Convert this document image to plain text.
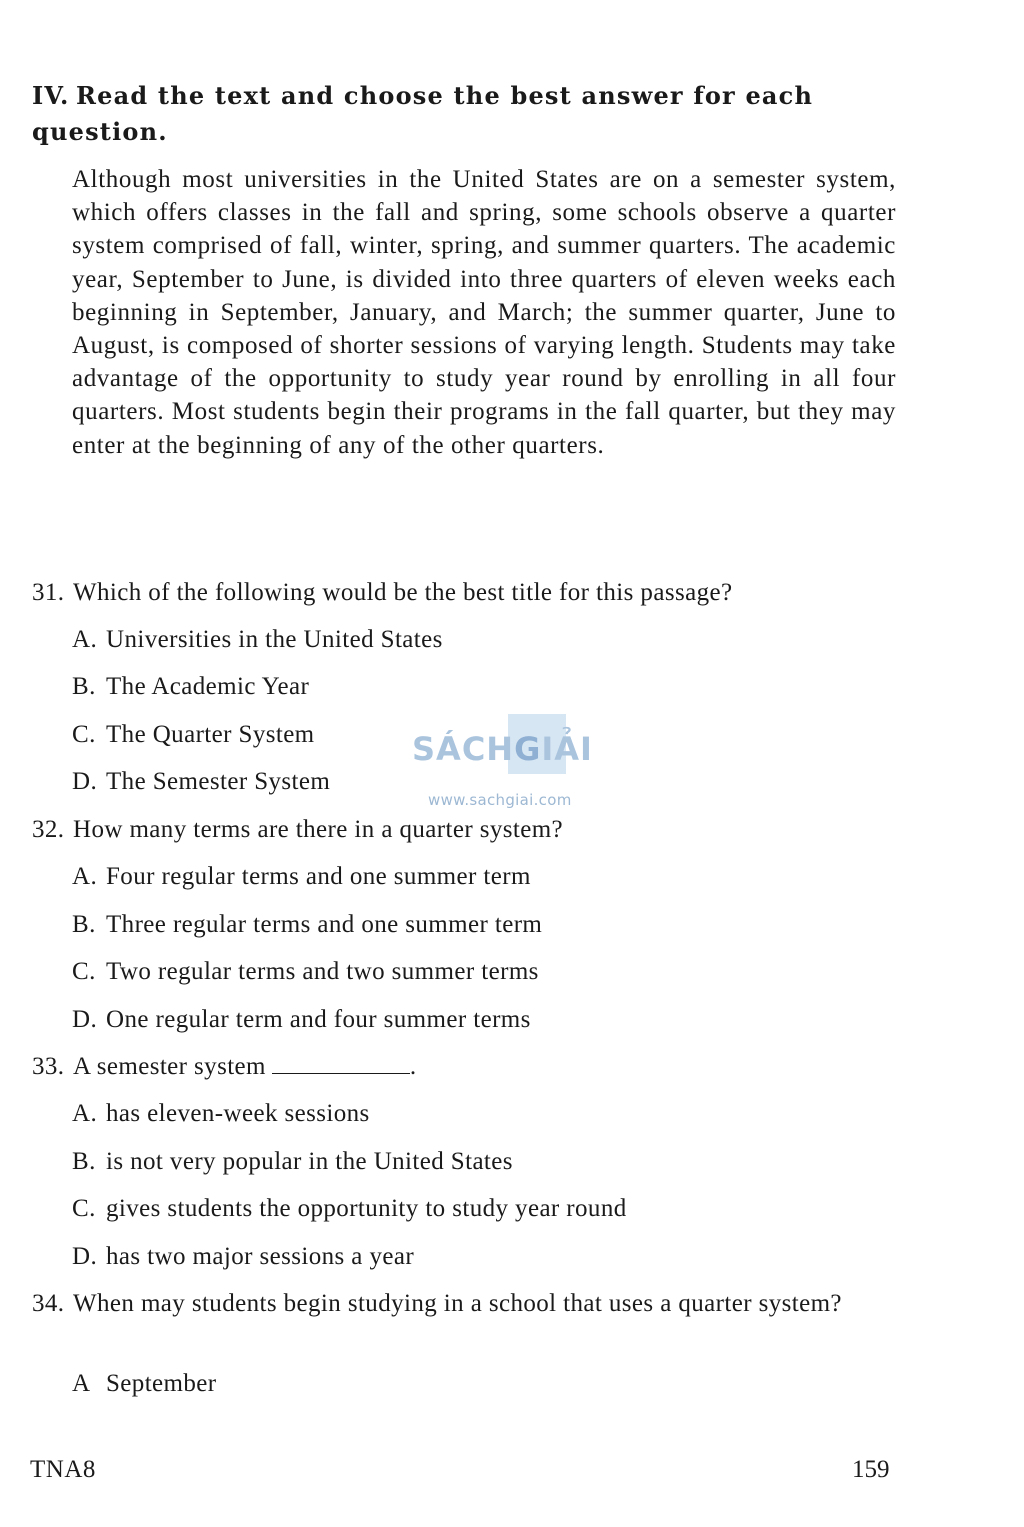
IV. Read the text and choose the best answer for each question.
Although most universities in the United States are on a semester system, which offers classes in the fall and spring, some schools observe a quarter system comprised of fall, winter, spring, and summer quarters. The academic year, September to June, is divided into three quarters of eleven weeks each beginning in September, January, and March; the summer quarter, June to August, is composed of shorter sessions of varying length. Students may take advantage of the opportunity to study year round by enrolling in all four quarters. Most students begin their programs in the fall quarter, but they may enter at the beginning of any of the other quarters.
31. Which of the following would be the best title for this passage?
A. Universities in the United States
B. The Academic Year
C. The Quarter System
D. The Semester System
SÁCHGIẢI
www.sachgiai.com
32. How many terms are there in a quarter system?
A. Four regular terms and one summer term
B. Three regular terms and one summer term
C. Two regular terms and two summer terms
D. One regular term and four summer terms
33. A semester system	.
A. has eleven-week sessions
B. is not very popular in the United States
C. gives students the opportunity to study year round
D. has two major sessions a year
34. When may students begin studying in a school that uses a quarter system?
A September
TNA8	159
